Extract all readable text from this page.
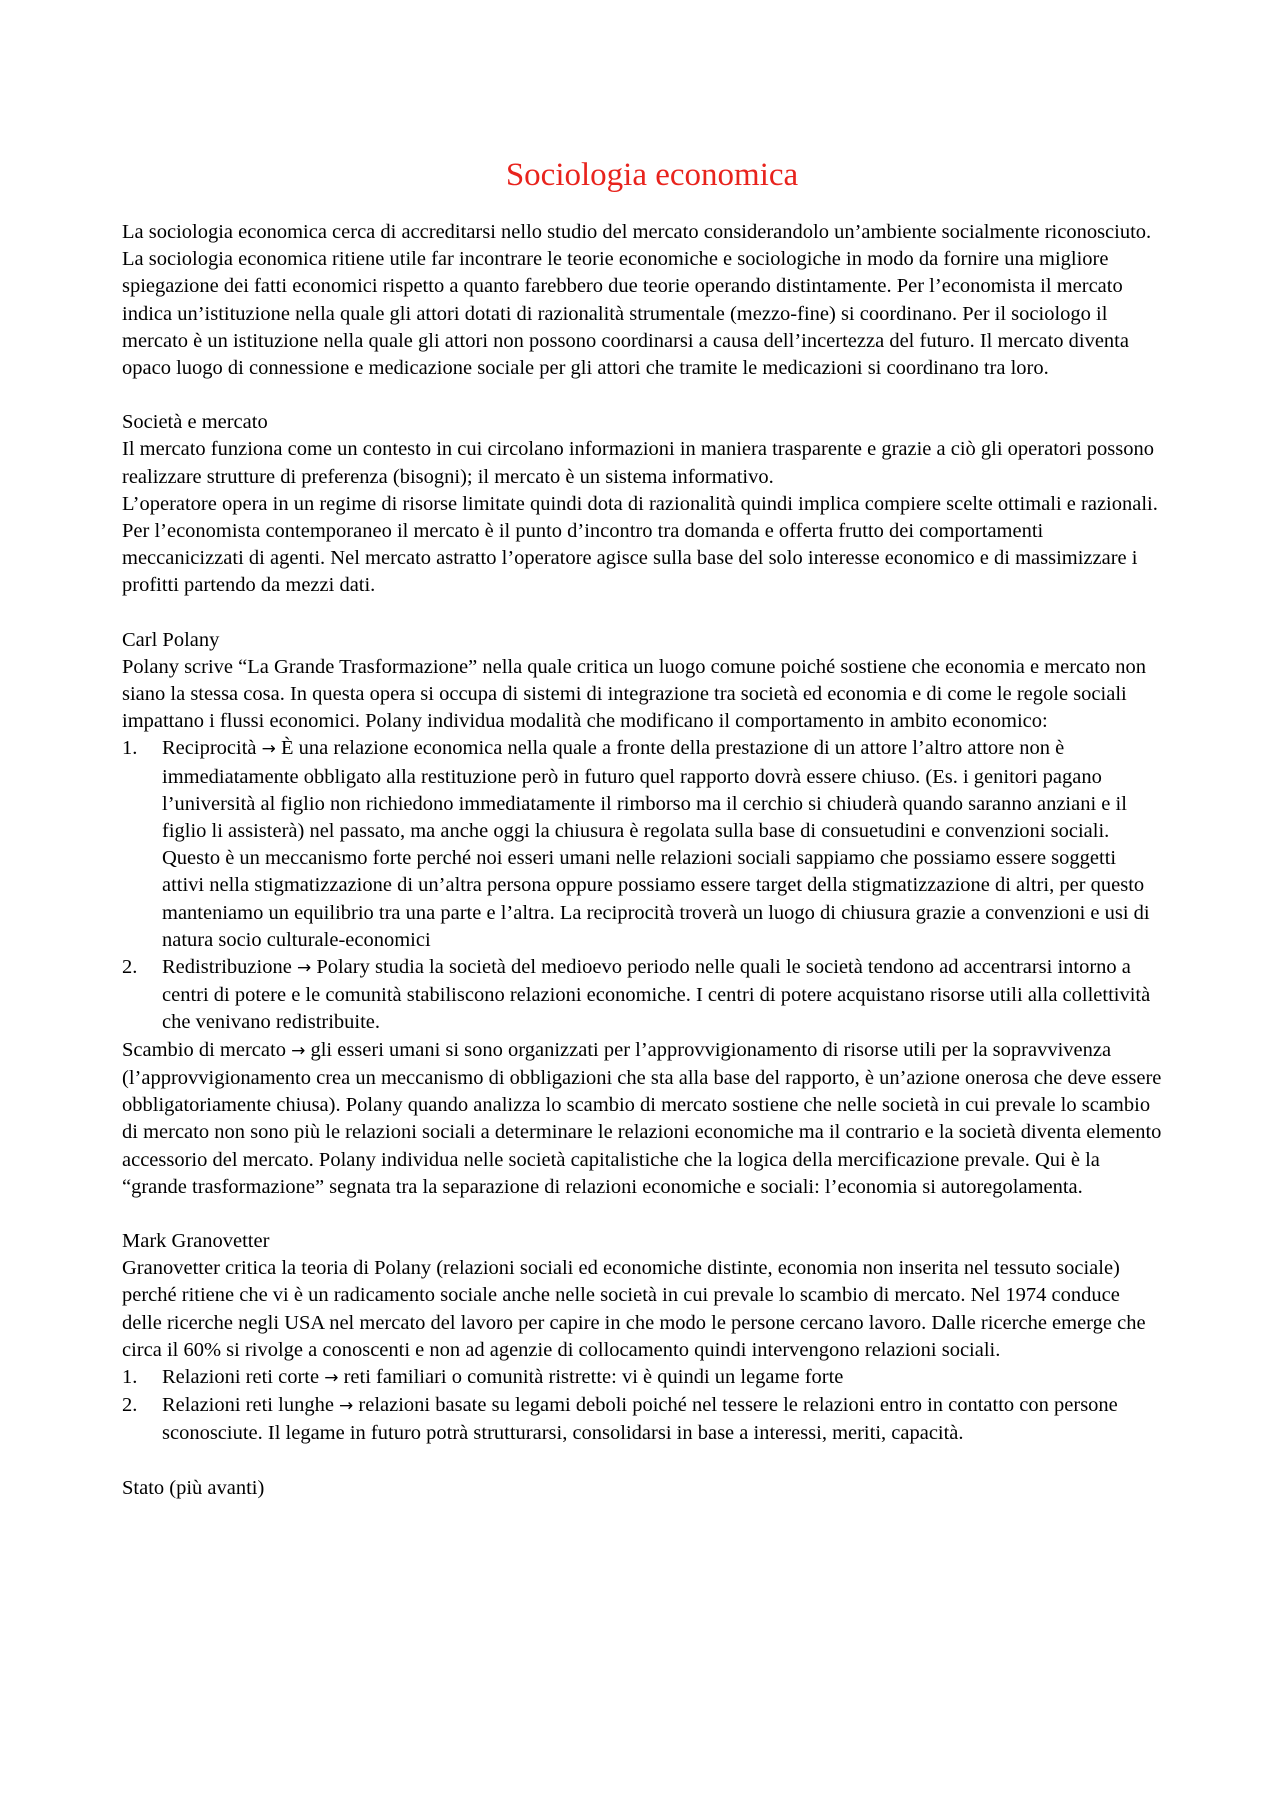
Sociologia economica

La sociologia economica cerca di accreditarsi nello studio del mercato considerandolo un’ambiente socialmente riconosciuto. La sociologia economica ritiene utile far incontrare le teorie economiche e sociologiche in modo da fornire una migliore spiegazione dei fatti economici rispetto a quanto farebbero due teorie operando distintamente. Per l’economista il mercato indica un’istituzione nella quale gli attori dotati di razionalità strumentale (mezzo-fine) si coordinano. Per il sociologo il mercato è un istituzione nella quale gli attori non possono coordinarsi a causa dell’incertezza del futuro. Il mercato diventa opaco luogo di connessione e medicazione sociale per gli attori che tramite le medicazioni si coordinano tra loro.

Società e mercato

Il mercato funziona come un contesto in cui circolano informazioni in maniera trasparente e grazie a ciò gli operatori possono realizzare strutture di preferenza (bisogni); il mercato è un sistema informativo.

L’operatore opera in un regime di risorse limitate quindi dota di razionalità quindi implica compiere scelte ottimali e razionali. Per l’economista contemporaneo il mercato è il punto d’incontro tra domanda e offerta frutto dei comportamenti meccanicizzati di agenti. Nel mercato astratto l’operatore agisce sulla base del solo interesse economico e di massimizzare i profitti partendo da mezzi dati.

Carl Polany

Polany scrive “La Grande Trasformazione” nella quale critica un luogo comune poiché sostiene che economia e mercato non siano la stessa cosa. In questa opera si occupa di sistemi di integrazione tra società ed economia e di come le regole sociali impattano i flussi economici. Polany individua modalità che modificano il comportamento in ambito economico:

1. Reciprocità → È una relazione economica nella quale a fronte della prestazione di un attore l’altro attore non è immediatamente obbligato alla restituzione però in futuro quel rapporto dovrà essere chiuso. (Es. i genitori pagano l’università al figlio non richiedono immediatamente il rimborso ma il cerchio si chiuderà quando saranno anziani e il figlio li assisterà) nel passato, ma anche oggi la chiusura è regolata sulla base di consuetudini e convenzioni sociali. Questo è un meccanismo forte perché noi esseri umani nelle relazioni sociali sappiamo che possiamo essere soggetti attivi nella stigmatizzazione di un’altra persona oppure possiamo essere target della stigmatizzazione di altri, per questo manteniamo un equilibrio tra una parte e l’altra. La reciprocità troverà un luogo di chiusura grazie a convenzioni e usi di natura socio culturale-economici
2. Redistribuzione → Polary studia la società del medioevo periodo nelle quali le società tendono ad accentrarsi intorno a centri di potere e le comunità stabiliscono relazioni economiche. I centri di potere acquistano risorse utili alla collettività che venivano redistribuite.

Scambio di mercato → gli esseri umani si sono organizzati per l’approvvigionamento di risorse utili per la sopravvivenza (l’approvvigionamento crea un meccanismo di obbligazioni che sta alla base del rapporto, è un’azione onerosa che deve essere obbligatoriamente chiusa). Polany quando analizza lo scambio di mercato sostiene che nelle società in cui prevale lo scambio di mercato non sono più le relazioni sociali a determinare le relazioni economiche ma il contrario e la società diventa elemento accessorio del mercato. Polany individua nelle società capitalistiche che la logica della mercificazione prevale. Qui è la “grande trasformazione” segnata tra la separazione di relazioni economiche e sociali: l’economia si autoregolamenta.

Mark Granovetter

Granovetter critica la teoria di Polany (relazioni sociali ed economiche distinte, economia non inserita nel tessuto sociale) perché ritiene che vi è un radicamento sociale anche nelle società in cui prevale lo scambio di mercato. Nel 1974 conduce delle ricerche negli USA nel mercato del lavoro per capire in che modo le persone cercano lavoro. Dalle ricerche emerge che circa il 60% si rivolge a conoscenti e non ad agenzie di collocamento quindi intervengono relazioni sociali.

1. Relazioni reti corte → reti familiari o comunità ristrette: vi è quindi un legame forte
2. Relazioni reti lunghe → relazioni basate su legami deboli poiché nel tessere le relazioni entro in contatto con persone sconosciute. Il legame in futuro potrà strutturarsi, consolidarsi in base a interessi, meriti, capacità.

Stato (più avanti)
